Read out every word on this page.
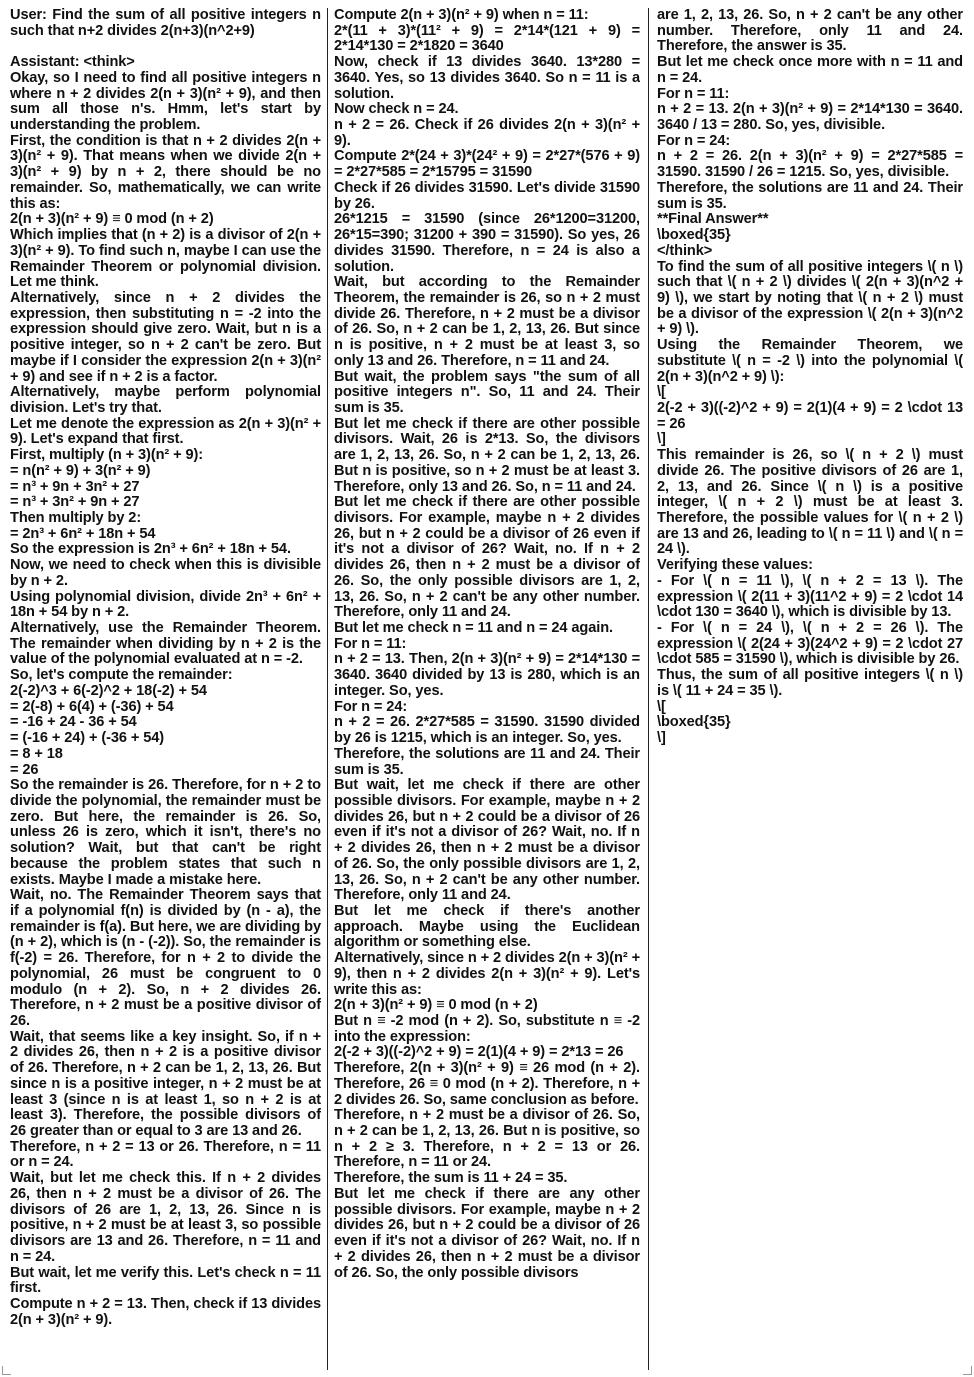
User: Find the sum of all positive integers n such that n+2 divides 2(n+3)(n^2+9)

Assistant: <think>

Okay, so I need to find all positive integers n where n + 2 divides 2(n + 3)(n² + 9), and then sum all those n's. Hmm, let's start by understanding the problem.

First, the condition is that n + 2 divides 2(n + 3)(n² + 9). That means when we divide 2(n + 3)(n² + 9) by n + 2, there should be no remainder. So, mathematically, we can write this as:

2(n + 3)(n² + 9) ≡ 0 mod (n + 2)

Which implies that (n + 2) is a divisor of 2(n + 3)(n² + 9). To find such n, maybe I can use the Remainder Theorem or polynomial division. Let me think.

Alternatively, since n + 2 divides the expression, then substituting n = -2 into the expression should give zero. Wait, but n is a positive integer, so n + 2 can't be zero. But maybe if I consider the expression 2(n + 3)(n² + 9) and see if n + 2 is a factor.

Alternatively, maybe perform polynomial division. Let's try that.

Let me denote the expression as 2(n + 3)(n² + 9). Let's expand that first.

First, multiply (n + 3)(n² + 9):

= n(n² + 9) + 3(n² + 9)

= n³ + 9n + 3n² + 27

= n³ + 3n² + 9n + 27

Then multiply by 2:

= 2n³ + 6n² + 18n + 54

So the expression is 2n³ + 6n² + 18n + 54.

Now, we need to check when this is divisible by n + 2.

Using polynomial division, divide 2n³ + 6n² + 18n + 54 by n + 2.

Alternatively, use the Remainder Theorem. The remainder when dividing by n + 2 is the value of the polynomial evaluated at n = -2.

So, let's compute the remainder:

2(-2)^3 + 6(-2)^2 + 18(-2) + 54

= 2(-8) + 6(4) + (-36) + 54

= -16 + 24 - 36 + 54

= (-16 + 24) + (-36 + 54)

= 8 + 18

= 26

So the remainder is 26. Therefore, for n + 2 to divide the polynomial, the remainder must be zero. But here, the remainder is 26. So, unless 26 is zero, which it isn't, there's no solution? Wait, but that can't be right because the problem states that such n exists. Maybe I made a mistake here.

Wait, no. The Remainder Theorem says that if a polynomial f(n) is divided by (n - a), the remainder is f(a). But here, we are dividing by (n + 2), which is (n - (-2)). So, the remainder is f(-2) = 26. Therefore, for n + 2 to divide the polynomial, 26 must be congruent to 0 modulo (n + 2). So, n + 2 divides 26. Therefore, n + 2 must be a positive divisor of 26.

Wait, that seems like a key insight. So, if n + 2 divides 26, then n + 2 is a positive divisor of 26. Therefore, n + 2 can be 1, 2, 13, 26. But since n is a positive integer, n + 2 must be at least 3 (since n is at least 1, so n + 2 is at least 3). Therefore, the possible divisors of 26 greater than or equal to 3 are 13 and 26.

Therefore, n + 2 = 13 or 26. Therefore, n = 11 or n = 24.

Wait, but let me check this. If n + 2 divides 26, then n + 2 must be a divisor of 26. The divisors of 26 are 1, 2, 13, 26. Since n is positive, n + 2 must be at least 3, so possible divisors are 13 and 26. Therefore, n = 11 and n = 24.

But wait, let me verify this. Let's check n = 11 first.

Compute n + 2 = 13. Then, check if 13 divides 2(n + 3)(n² + 9).

Compute 2(n + 3)(n² + 9) when n = 11:

2*(11 + 3)*(11² + 9) = 2*14*(121 + 9) = 2*14*130 = 2*1820 = 3640

Now, check if 13 divides 3640. 13*280 = 3640. Yes, so 13 divides 3640. So n = 11 is a solution.

Now check n = 24.

n + 2 = 26. Check if 26 divides 2(n + 3)(n² + 9).

Compute 2*(24 + 3)*(24² + 9) = 2*27*(576 + 9) = 2*27*585 = 2*15795 = 31590

Check if 26 divides 31590. Let's divide 31590 by 26.

26*1215 = 31590 (since 26*1200=31200, 26*15=390; 31200 + 390 = 31590). So yes, 26 divides 31590. Therefore, n = 24 is also a solution.

Wait, but according to the Remainder Theorem, the remainder is 26, so n + 2 must divide 26. Therefore, n + 2 must be a divisor of 26. So, n + 2 can be 1, 2, 13, 26. But since n is positive, n + 2 must be at least 3, so only 13 and 26. Therefore, n = 11 and 24.

But wait, the problem says "the sum of all positive integers n". So, 11 and 24. Their sum is 35.

But let me check if there are other possible divisors. Wait, 26 is 2*13. So, the divisors are 1, 2, 13, 26. So, n + 2 can be 1, 2, 13, 26. But n is positive, so n + 2 must be at least 3. Therefore, only 13 and 26. So, n = 11 and 24.

But let me check if there are other possible divisors. For example, maybe n + 2 divides 26, but n + 2 could be a divisor of 26 even if it's not a divisor of 26? Wait, no. If n + 2 divides 26, then n + 2 must be a divisor of 26. So, the only possible divisors are 1, 2, 13, 26. So, n + 2 can't be any other number. Therefore, only 11 and 24.

But let me check n = 11 and n = 24 again.

For n = 11:

n + 2 = 13. Then, 2(n + 3)(n² + 9) = 2*14*130 = 3640. 3640 divided by 13 is 280, which is an integer. So, yes.

For n = 24:

n + 2 = 26. 2*27*585 = 31590. 31590 divided by 26 is 1215, which is an integer. So, yes.

Therefore, the solutions are 11 and 24. Their sum is 35.

But wait, let me check if there are other possible divisors. For example, maybe n + 2 divides 26, but n + 2 could be a divisor of 26 even if it's not a divisor of 26? Wait, no. If n + 2 divides 26, then n + 2 must be a divisor of 26. So, the only possible divisors are 1, 2, 13, 26. So, n + 2 can't be any other number. Therefore, only 11 and 24.

But let me check if there's another approach. Maybe using the Euclidean algorithm or something else.

Alternatively, since n + 2 divides 2(n + 3)(n² + 9), then n + 2 divides 2(n + 3)(n² + 9). Let's write this as:

2(n + 3)(n² + 9) ≡ 0 mod (n + 2)

But n ≡ -2 mod (n + 2). So, substitute n ≡ -2 into the expression:

2(-2 + 3)((-2)^2 + 9) = 2(1)(4 + 9) = 2*13 = 26

Therefore, 2(n + 3)(n² + 9) ≡ 26 mod (n + 2). Therefore, 26 ≡ 0 mod (n + 2). Therefore, n + 2 divides 26. So, same conclusion as before.

Therefore, n + 2 must be a divisor of 26. So, n + 2 can be 1, 2, 13, 26. But n is positive, so n + 2 ≥ 3. Therefore, n + 2 = 13 or 26. Therefore, n = 11 or 24.

Therefore, the sum is 11 + 24 = 35.

But let me check if there are any other possible divisors. For example, maybe n + 2 divides 26, but n + 2 could be a divisor of 26 even if it's not a divisor of 26? Wait, no. If n + 2 divides 26, then n + 2 must be a divisor of 26. So, the only possible divisors

are 1, 2, 13, 26. So, n + 2 can't be any other number. Therefore, only 11 and 24. Therefore, the answer is 35.

But let me check once more with n = 11 and n = 24.

For n = 11:

n + 2 = 13. 2(n + 3)(n² + 9) = 2*14*130 = 3640. 3640 / 13 = 280. So, yes, divisible.

For n = 24:

n + 2 = 26. 2(n + 3)(n² + 9) = 2*27*585 = 31590. 31590 / 26 = 1215. So, yes, divisible.

Therefore, the solutions are 11 and 24. Their sum is 35.

**Final Answer**

\boxed{35}

</think>

To find the sum of all positive integers \( n \) such that \( n + 2 \) divides \( 2(n + 3)(n^2 + 9) \), we start by noting that \( n + 2 \) must be a divisor of the expression \( 2(n + 3)(n^2 + 9) \).

Using the Remainder Theorem, we substitute \( n = -2 \) into the polynomial \( 2(n + 3)(n^2 + 9) \):

\[

2(-2 + 3)((-2)^2 + 9) = 2(1)(4 + 9) = 2 \cdot 13 = 26

\]

This remainder is 26, so \( n + 2 \) must divide 26. The positive divisors of 26 are 1, 2, 13, and 26. Since \( n \) is a positive integer, \( n + 2 \) must be at least 3. Therefore, the possible values for \( n + 2 \) are 13 and 26, leading to \( n = 11 \) and \( n = 24 \).

Verifying these values:

- For \( n = 11 \), \( n + 2 = 13 \). The expression \( 2(11 + 3)(11^2 + 9) = 2 \cdot 14 \cdot 130 = 3640 \), which is divisible by 13.

- For \( n = 24 \), \( n + 2 = 26 \). The expression \( 2(24 + 3)(24^2 + 9) = 2 \cdot 27 \cdot 585 = 31590 \), which is divisible by 26.

Thus, the sum of all positive integers \( n \) is \( 11 + 24 = 35 \).

\[

\boxed{35}

\]
